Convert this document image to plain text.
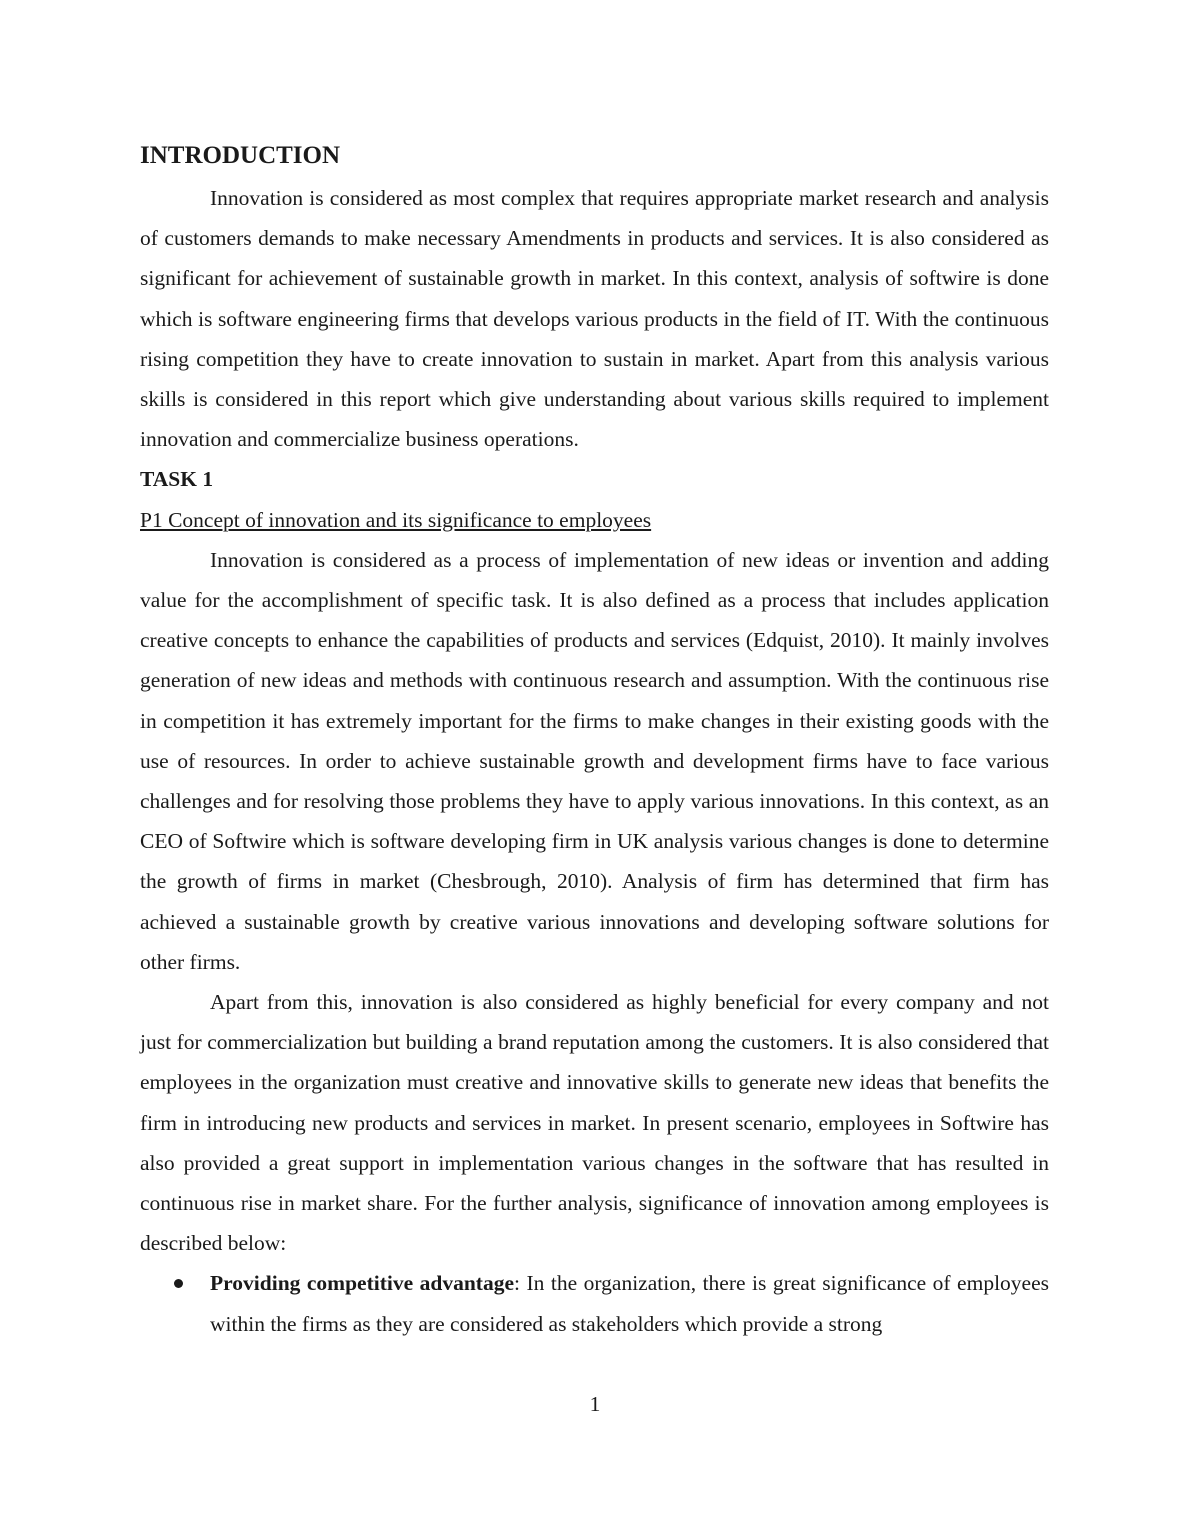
INTRODUCTION

Innovation is considered as most complex that requires appropriate market research and analysis of customers demands to make necessary Amendments in products and services. It is also considered as significant for achievement of sustainable growth in market. In this context, analysis of softwire is done which is software engineering firms that develops various products in the field of IT. With the continuous rising competition they have to create innovation to sustain in market. Apart from this analysis various skills is considered in this report which give understanding about various skills required to implement innovation and commercialize business operations.

TASK 1
P1 Concept of innovation and its significance to employees

Innovation is considered as a process of implementation of new ideas or invention and adding value for the accomplishment of specific task. It is also defined as a process that includes application creative concepts to enhance the capabilities of products and services (Edquist, 2010). It mainly involves generation of new ideas and methods with continuous research and assumption. With the continuous rise in competition it has extremely important for the firms to make changes in their existing goods with the use of resources. In order to achieve sustainable growth and development firms have to face various challenges and for resolving those problems they have to apply various innovations. In this context, as an CEO of Softwire which is software developing firm in UK analysis various changes is done to determine the growth of firms in market (Chesbrough, 2010). Analysis of firm has determined that firm has achieved a sustainable growth by creative various innovations and developing software solutions for other firms.

Apart from this, innovation is also considered as highly beneficial for every company and not just for commercialization but building a brand reputation among the customers. It is also considered that employees in the organization must creative and innovative skills to generate new ideas that benefits the firm in introducing new products and services in market. In present scenario, employees in Softwire has also provided a great support in implementation various changes in the software that has resulted in continuous rise in market share. For the further analysis, significance of innovation among employees is described below:

Providing competitive advantage: In the organization, there is great significance of employees within the firms as they are considered as stakeholders which provide a strong
1
